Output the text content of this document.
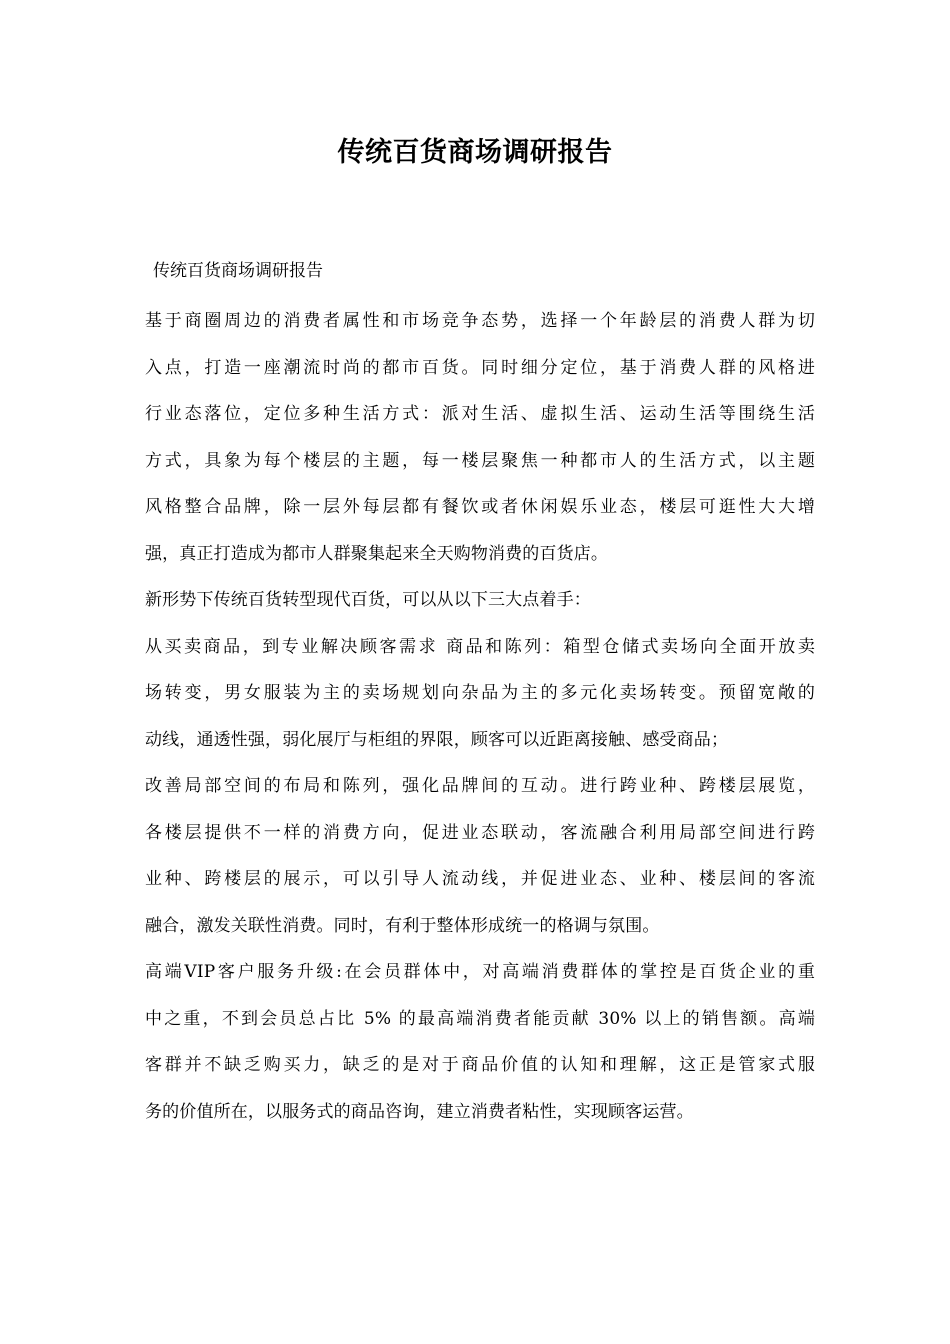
传统百货商场调研报告
传统百货商场调研报告
基于商圈周边的消费者属性和市场竞争态势，选择一个年龄层的消费人群为切
入点，打造一座潮流时尚的都市百货。同时细分定位，基于消费人群的风格进
行业态落位，定位多种生活方式：派对生活、虚拟生活、运动生活等围绕生活
方式，具象为每个楼层的主题，每一楼层聚焦一种都市人的生活方式，以主题
风格整合品牌，除一层外每层都有餐饮或者休闲娱乐业态，楼层可逛性大大增
强，真正打造成为都市人群聚集起来全天购物消费的百货店。
新形势下传统百货转型现代百货，可以从以下三大点着手：
从买卖商品，到专业解决顾客需求 商品和陈列：箱型仓储式卖场向全面开放卖
场转变，男女服装为主的卖场规划向杂品为主的多元化卖场转变。预留宽敞的
动线，通透性强，弱化展厅与柜组的界限，顾客可以近距离接触、感受商品；
改善局部空间的布局和陈列，强化品牌间的互动。进行跨业种、跨楼层展览，
各楼层提供不一样的消费方向，促进业态联动，客流融合利用局部空间进行跨
业种、跨楼层的展示，可以引导人流动线，并促进业态、业种、楼层间的客流
融合，激发关联性消费。同时，有利于整体形成统一的格调与氛围。
高端VIP客户服务升级:在会员群体中，对高端消费群体的掌控是百货企业的重
中之重，不到会员总占比 5% 的最高端消费者能贡献 30% 以上的销售额。高端
客群并不缺乏购买力，缺乏的是对于商品价值的认知和理解，这正是管家式服
务的价值所在，以服务式的商品咨询，建立消费者粘性，实现顾客运营。
